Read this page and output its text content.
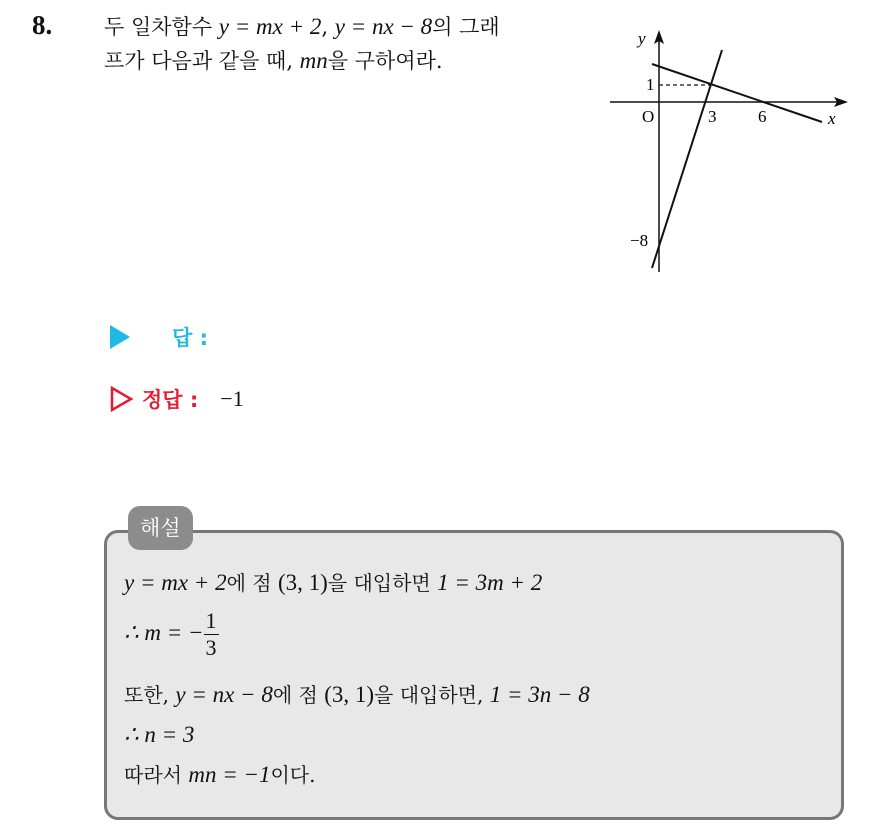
8. 두 일차함수 y = mx + 2, y = nx − 8의 그래
프가 다음과 같을 때, mn을 구하여라.
y
x
O
1
3 6
−8
답 :
정답 : −1
해설
y = mx + 2에 점 (3, 1)을 대입하면 1 = 3m + 2
∴ m = − $\frac{1}{3}$
또한, y = nx − 8에 점 (3, 1)을 대입하면, 1 = 3n − 8
∴ n = 3
따라서 mn = −1이다.
